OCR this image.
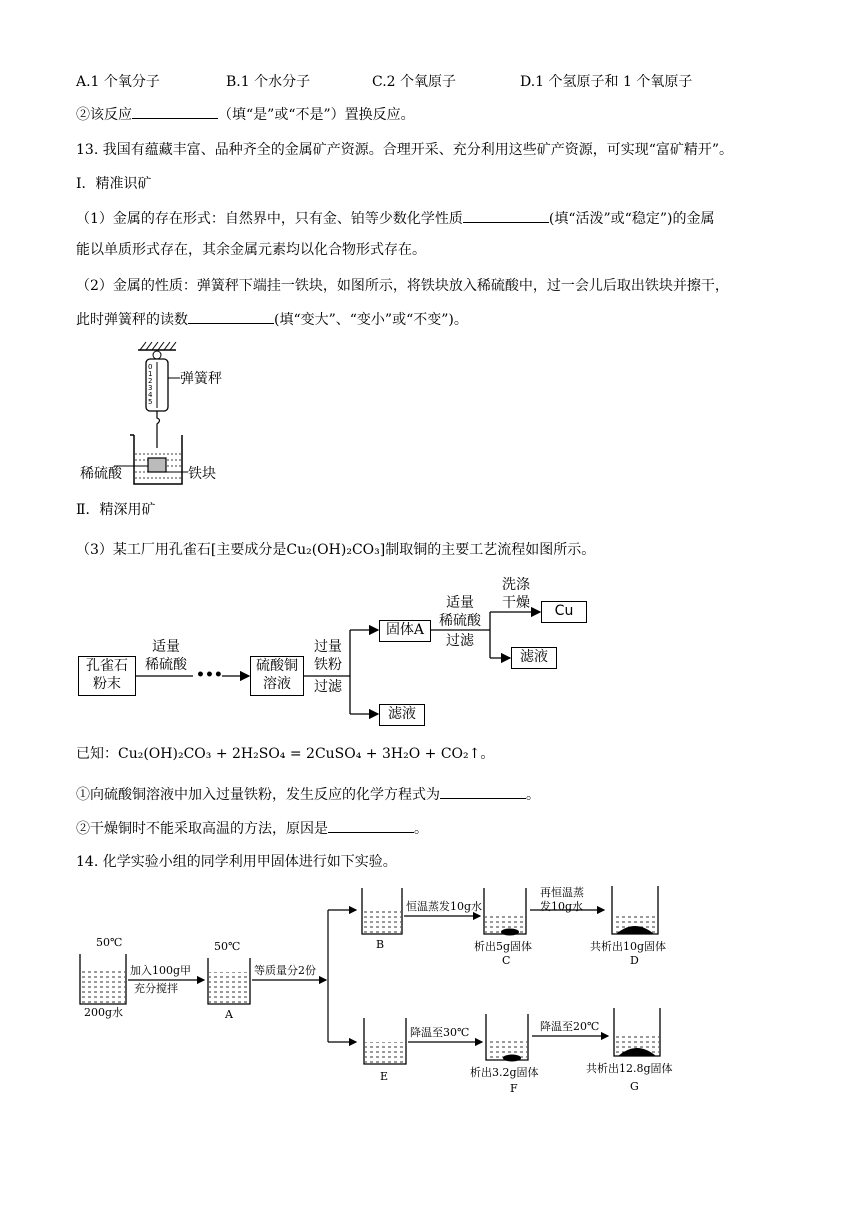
A.1 个氧分子	B.1 个水分子	C.2 个氧原子	D.1 个氢原子和 1 个氧原子
②该反应	（填“是”或“不是”）置换反应。
13. 我国有蕴藏丰富、品种齐全的金属矿产资源。合理开采、充分利用这些矿产资源，可实现“富矿精开”。
Ⅰ．精准识矿
（1）金属的存在形式：自然界中，只有金、铂等少数化学性质	(填“活泼”或“稳定”)的金属
能以单质形式存在，其余金属元素均以化合物形式存在。
（2）金属的性质：弹簧秤下端挂一铁块，如图所示，将铁块放入稀硫酸中，过一会儿后取出铁块并擦干，
此时弹簧秤的读数	(填“变大”、“变小”或“不变”)。
0
1
2
3
4
5
弹簧秤
稀硫酸	铁块
Ⅱ．精深用矿
（3）某工厂用孔雀石[主要成分是Cu₂(OH)₂CO₃]制取铜的主要工艺流程如图所示。
孔雀石
粉末
适量
稀硫酸
•••
硫酸铜
溶液
过量
铁粉
过滤
固体A
滤液
适量
稀硫酸
过滤
洗涤
干燥	Cu
滤液
已知：Cu₂(OH)₂CO₃ + 2H₂SO₄ = 2CuSO₄ + 3H₂O + CO₂↑。
①向硫酸铜溶液中加入过量铁粉，发生反应的化学方程式为	。
②干燥铜时不能采取高温的方法，原因是	。
14. 化学实验小组的同学利用甲固体进行如下实验。
50℃
200g水
加入100g甲
充分搅拌
50℃
A
等质量分2份
B
恒温蒸发10g水
析出5g固体
C
再恒温蒸
发10g水
共析出10g固体
D
E
降温至30℃
析出3.2g固体
F
降温至20℃
共析出12.8g固体
G
